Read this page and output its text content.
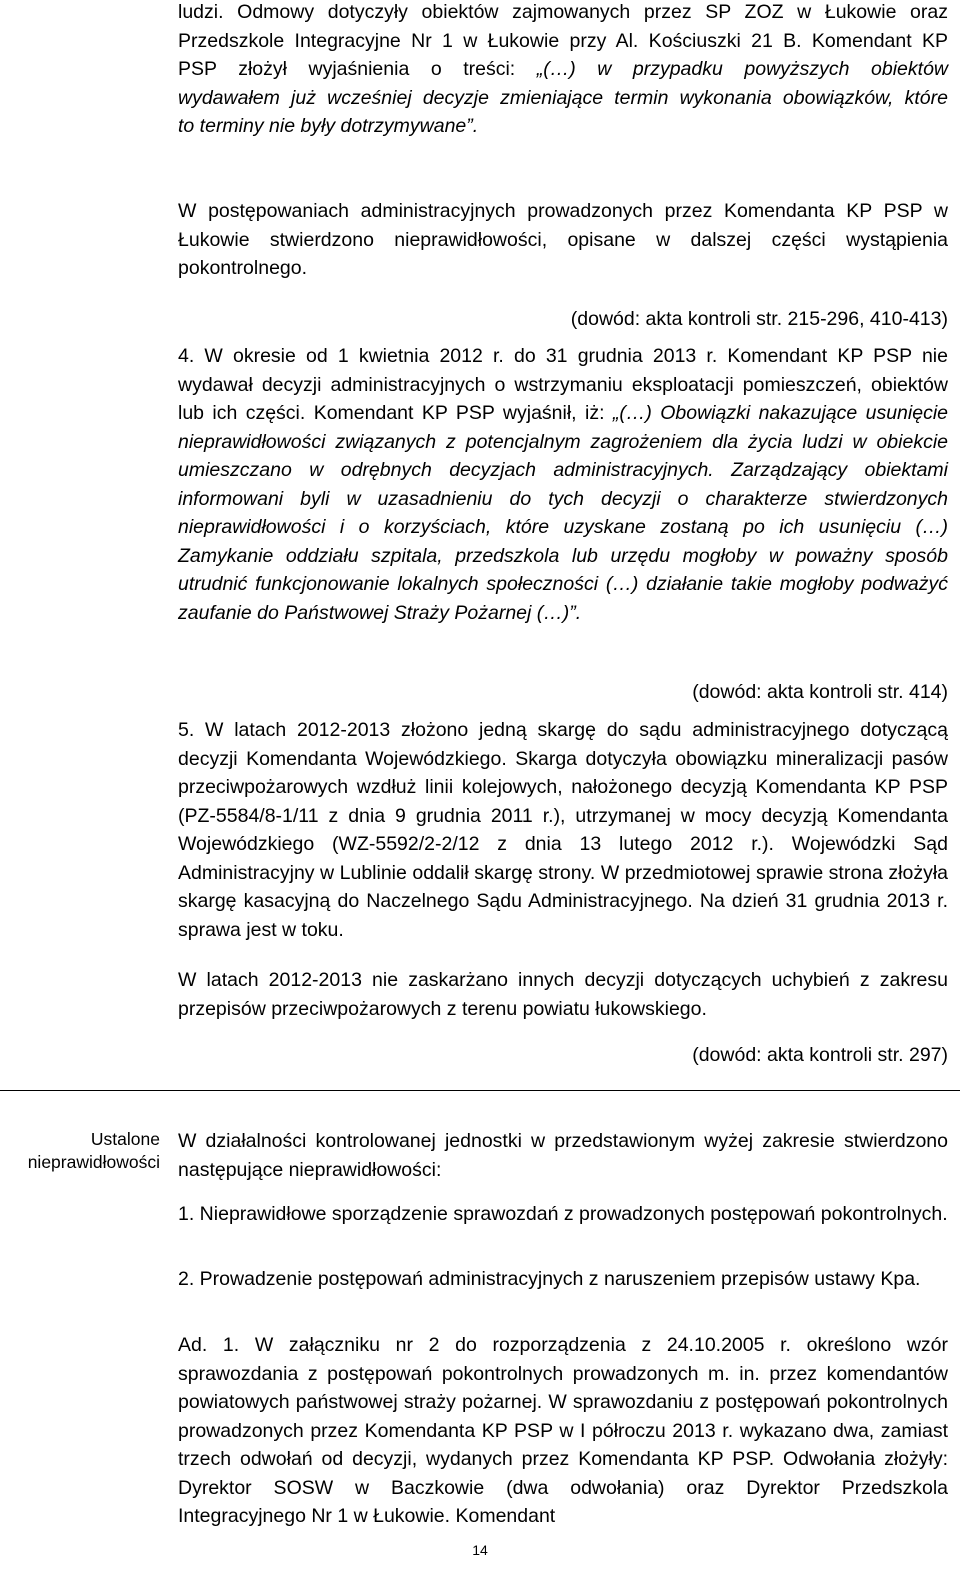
ludzi. Odmowy dotyczyły obiektów zajmowanych przez SP ZOZ w Łukowie oraz
Przedszkole Integracyjne Nr 1 w Łukowie przy Al. Kościuszki 21 B. Komendant KP
PSP złożył wyjaśnienia o treści: „(…) w przypadku powyższych obiektów
wydawałem już wcześniej decyzje zmieniające termin wykonania obowiązków, które
to terminy nie były dotrzymywane”.

W postępowaniach administracyjnych prowadzonych przez Komendanta KP PSP w Łukowie stwierdzono nieprawidłowości, opisane w dalszej części wystąpienia pokontrolnego.

(dowód: akta kontroli str. 215-296, 410-413)

4. W okresie od 1 kwietnia 2012 r. do 31 grudnia 2013 r. Komendant KP PSP nie wydawał decyzji administracyjnych o wstrzymaniu eksploatacji pomieszczeń, obiektów lub ich części. Komendant KP PSP wyjaśnił, iż: „(…) Obowiązki nakazujące usunięcie nieprawidłowości związanych z potencjalnym zagrożeniem dla życia ludzi w obiekcie umieszczano w odrębnych decyzjach administracyjnych. Zarządzający obiektami informowani byli w uzasadnieniu do tych decyzji o charakterze stwierdzonych nieprawidłowości i o korzyściach, które uzyskane zostaną po ich usunięciu (…) Zamykanie oddziału szpitala, przedszkola lub urzędu mogłoby w poważny sposób utrudnić funkcjonowanie lokalnych społeczności (…) działanie takie mogłoby podważyć zaufanie do Państwowej Straży Pożarnej (…)”.

(dowód: akta kontroli str. 414)

5. W latach 2012-2013 złożono jedną skargę do sądu administracyjnego dotyczącą decyzji Komendanta Wojewódzkiego. Skarga dotyczyła obowiązku mineralizacji pasów przeciwpożarowych wzdłuż linii kolejowych, nałożonego decyzją Komendanta KP PSP (PZ-5584/8-1/11 z dnia 9 grudnia 2011 r.), utrzymanej w mocy decyzją Komendanta Wojewódzkiego (WZ-5592/2-2/12 z dnia 13 lutego 2012 r.). Wojewódzki Sąd Administracyjny w Lublinie oddalił skargę strony. W przedmiotowej sprawie strona złożyła skargę kasacyjną do Naczelnego Sądu Administracyjnego. Na dzień 31 grudnia 2013 r. sprawa jest w toku.

W latach 2012-2013 nie zaskarżano innych decyzji dotyczących uchybień z zakresu przepisów przeciwpożarowych z terenu powiatu łukowskiego.

(dowód: akta kontroli str. 297)
Ustalone
nieprawidłowości

W działalności kontrolowanej jednostki w przedstawionym wyżej zakresie stwierdzono następujące nieprawidłowości:

1. Nieprawidłowe sporządzenie sprawozdań z prowadzonych postępowań pokontrolnych.

2. Prowadzenie postępowań administracyjnych z naruszeniem przepisów ustawy Kpa.

Ad. 1. W załączniku nr 2 do rozporządzenia z 24.10.2005 r. określono wzór sprawozdania z postępowań pokontrolnych prowadzonych m. in. przez komendantów powiatowych państwowej straży pożarnej. W sprawozdaniu z postępowań pokontrolnych prowadzonych przez Komendanta KP PSP w I półroczu 2013 r. wykazano dwa, zamiast trzech odwołań od decyzji, wydanych przez Komendanta KP PSP. Odwołania złożyły: Dyrektor SOSW w Baczkowie (dwa odwołania) oraz Dyrektor Przedszkola Integracyjnego Nr 1 w Łukowie. Komendant

14
